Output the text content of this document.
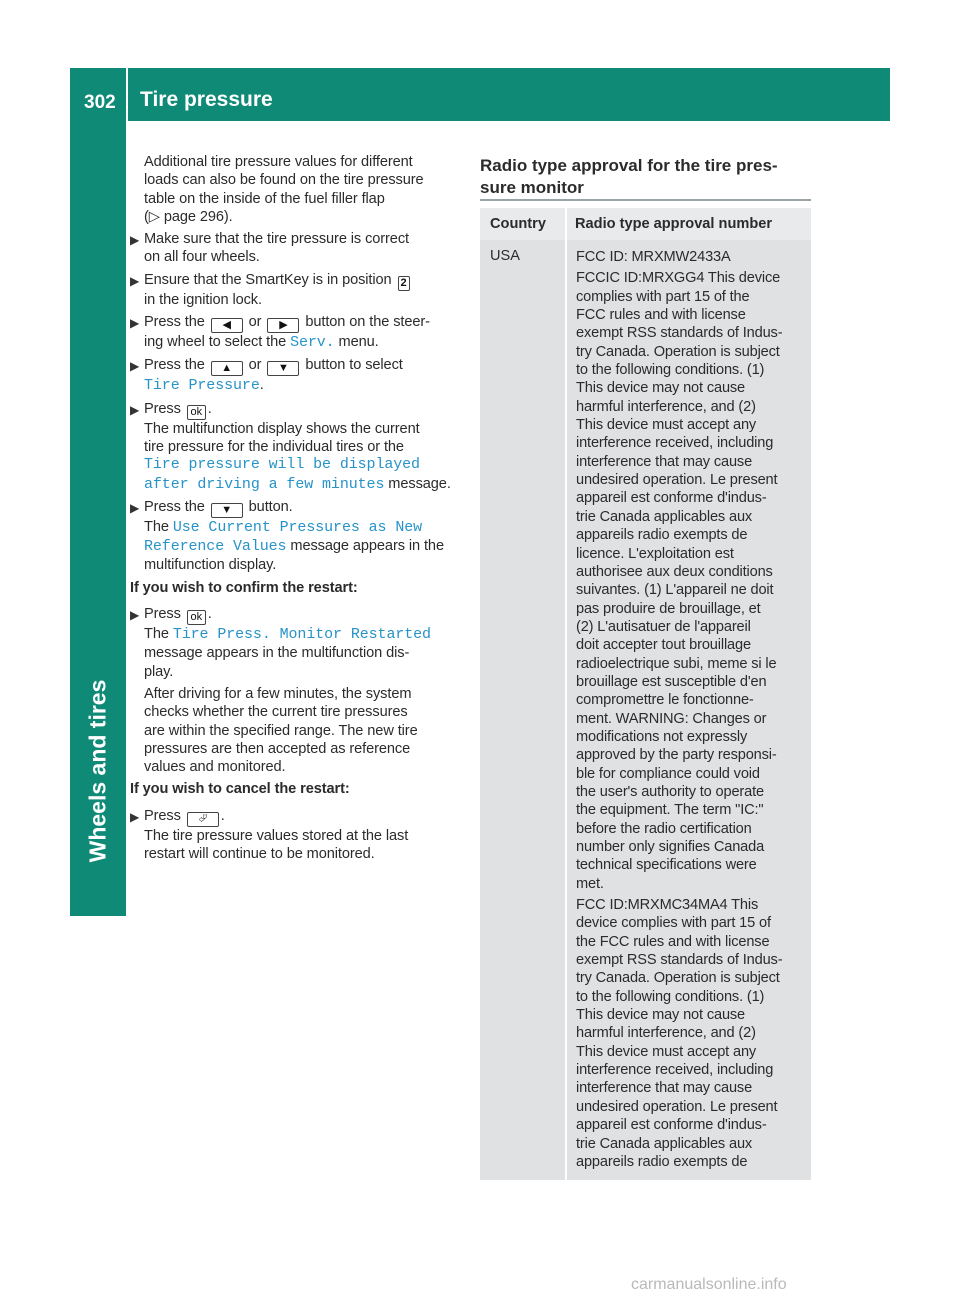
302 Tire pressure
Wheels and tires
Additional tire pressure values for different
loads can also be found on the tire pressure
table on the inside of the fuel filler flap
(▷ page 296).
▶ Make sure that the tire pressure is correct
on all four wheels.
▶ Ensure that the SmartKey is in position 2
in the ignition lock.
▶ Press the ◀ or ▶ button on the steer-
ing wheel to select the Serv. menu.
▶ Press the ▲ or ▼ button to select
Tire Pressure.
▶ Press ok .
The multifunction display shows the current
tire pressure for the individual tires or the
Tire pressure will be displayed
after driving a few minutes message.
▶ Press the ▼ button.
The Use Current Pressures as New
Reference Values message appears in the
multifunction display.
If you wish to confirm the restart:
▶ Press ok .
The Tire Press. Monitor Restarted
message appears in the multifunction dis-
play.
After driving for a few minutes, the system
checks whether the current tire pressures
are within the specified range. The new tire
pressures are then accepted as reference
values and monitored.
If you wish to cancel the restart:
▶ Press ⮰ .
The tire pressure values stored at the last
restart will continue to be monitored.
Radio type approval for the tire pres-
sure monitor
Country Radio type approval number
USA	FCC ID: MRXMW2433A

FCCIC ID:MRXGG4 This device
complies with part 15 of the
FCC rules and with license
exempt RSS standards of Indus-
try Canada. Operation is subject
to the following conditions. (1)
This device may not cause
harmful interference, and (2)
This device must accept any
interference received, including
interference that may cause
undesired operation. Le present
appareil est conforme d'indus-
trie Canada applicables aux
appareils radio exempts de
licence. L'exploitation est
authorisee aux deux conditions
suivantes. (1) L'appareil ne doit
pas produire de brouillage, et
(2) L'autisatuer de l'appareil
doit accepter tout brouillage
radioelectrique subi, meme si le
brouillage est susceptible d'en
compromettre le fonctionne-
ment. WARNING: Changes or
modifications not expressly
approved by the party responsi-
ble for compliance could void
the user's authority to operate
the equipment. The term "IC:"
before the radio certification
number only signifies Canada
technical specifications were
met.

FCC ID:MRXMC34MA4 This
device complies with part 15 of
the FCC rules and with license
exempt RSS standards of Indus-
try Canada. Operation is subject
to the following conditions. (1)
This device may not cause
harmful interference, and (2)
This device must accept any
interference received, including
interference that may cause
undesired operation. Le present
appareil est conforme d'indus-
trie Canada applicables aux
appareils radio exempts de

carmanualsonline.info
